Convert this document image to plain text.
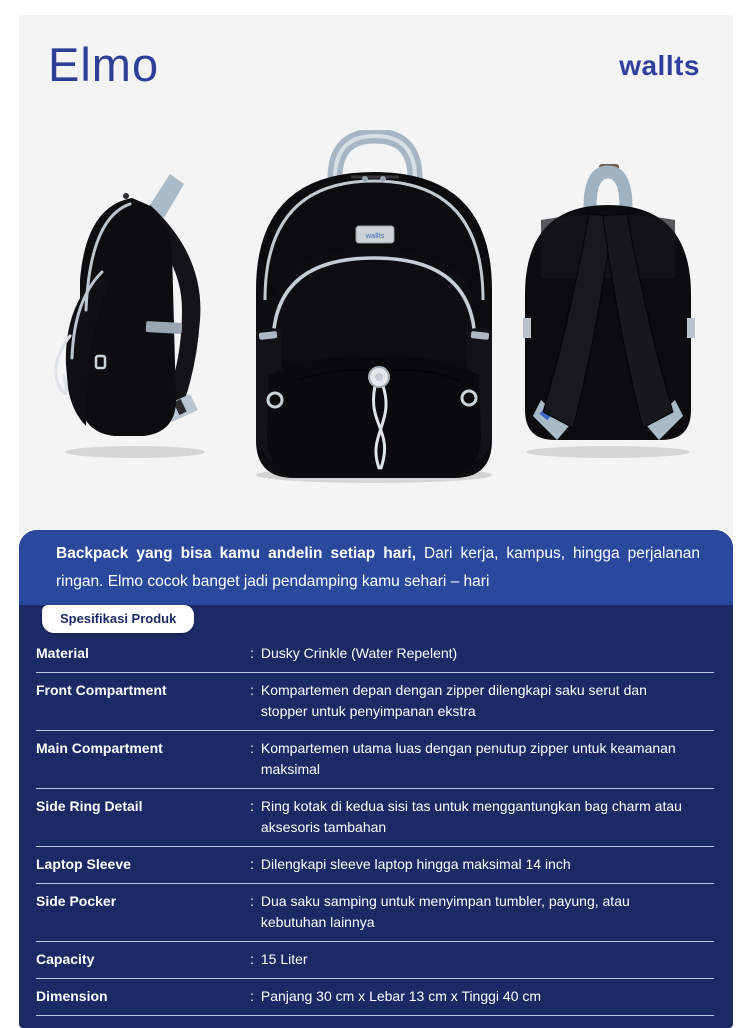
Elmo	wallts
wallts

Backpack yang bisa kamu andelin setiap hari, Dari kerja, kampus, hingga perjalanan ringan. Elmo cocok banget jadi pendamping kamu sehari – hari

Spesifikasi Produk
Material	: Dusky Crinkle (Water Repelent)
Front Compartment	: Kompartemen depan dengan zipper dilengkapi saku serut dan stopper untuk penyimpanan ekstra
Main Compartment	: Kompartemen utama luas dengan penutup zipper untuk keamanan maksimal
Side Ring Detail	: Ring kotak di kedua sisi tas untuk menggantungkan bag charm atau aksesoris tambahan
Laptop Sleeve	: Dilengkapi sleeve laptop hingga maksimal 14 inch
Side Pocker	: Dua saku samping untuk menyimpan tumbler, payung, atau kebutuhan lainnya
Capacity	: 15 Liter
Dimension	: Panjang 30 cm x Lebar 13 cm x Tinggi 40 cm
